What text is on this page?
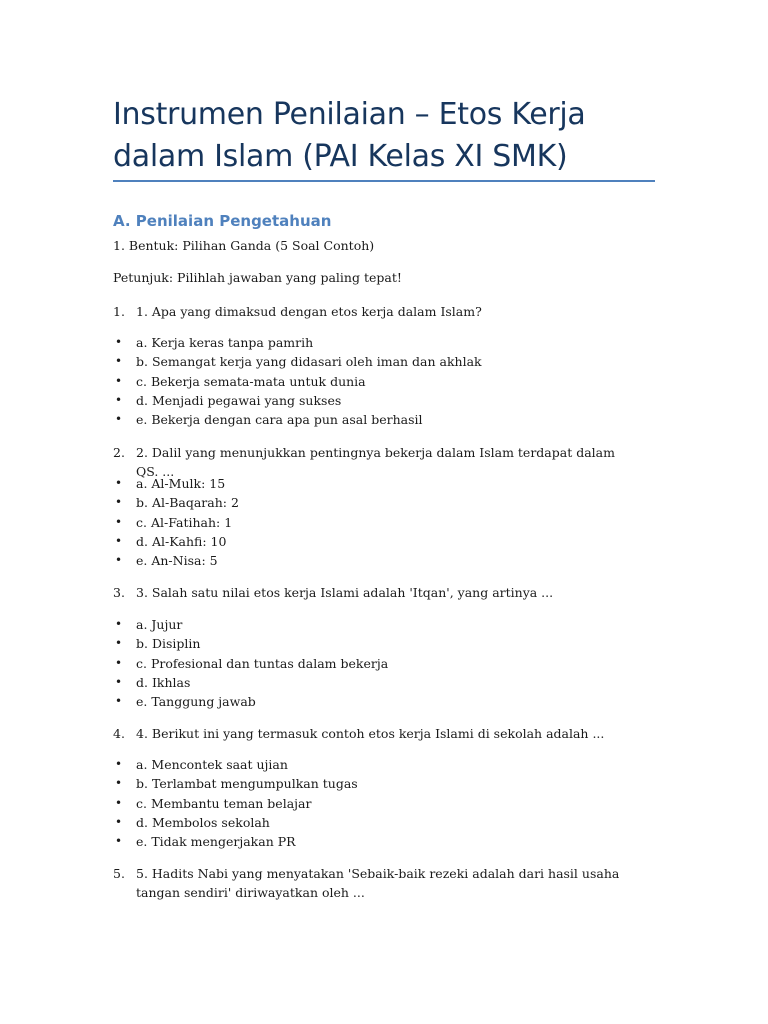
Instrumen Penilaian – Etos Kerja dalam Islam (PAI Kelas XI SMK)
A. Penilaian Pengetahuan

1. Bentuk: Pilihan Ganda (5 Soal Contoh)

Petunjuk: Pilihlah jawaban yang paling tepat!

1. 1. Apa yang dimaksud dengan etos kerja dalam Islam?
• a. Kerja keras tanpa pamrih
• b. Semangat kerja yang didasari oleh iman dan akhlak
• c. Bekerja semata-mata untuk dunia
• d. Menjadi pegawai yang sukses
• e. Bekerja dengan cara apa pun asal berhasil
2. 2. Dalil yang menunjukkan pentingnya bekerja dalam Islam terdapat dalam QS. ...
• a. Al-Mulk: 15
• b. Al-Baqarah: 2
• c. Al-Fatihah: 1
• d. Al-Kahfi: 10
• e. An-Nisa: 5
3. 3. Salah satu nilai etos kerja Islami adalah 'Itqan', yang artinya ...
• a. Jujur
• b. Disiplin
• c. Profesional dan tuntas dalam bekerja
• d. Ikhlas
• e. Tanggung jawab
4. 4. Berikut ini yang termasuk contoh etos kerja Islami di sekolah adalah ...
• a. Mencontek saat ujian
• b. Terlambat mengumpulkan tugas
• c. Membantu teman belajar
• d. Membolos sekolah
• e. Tidak mengerjakan PR
5. 5. Hadits Nabi yang menyatakan 'Sebaik-baik rezeki adalah dari hasil usaha tangan sendiri' diriwayatkan oleh ...
